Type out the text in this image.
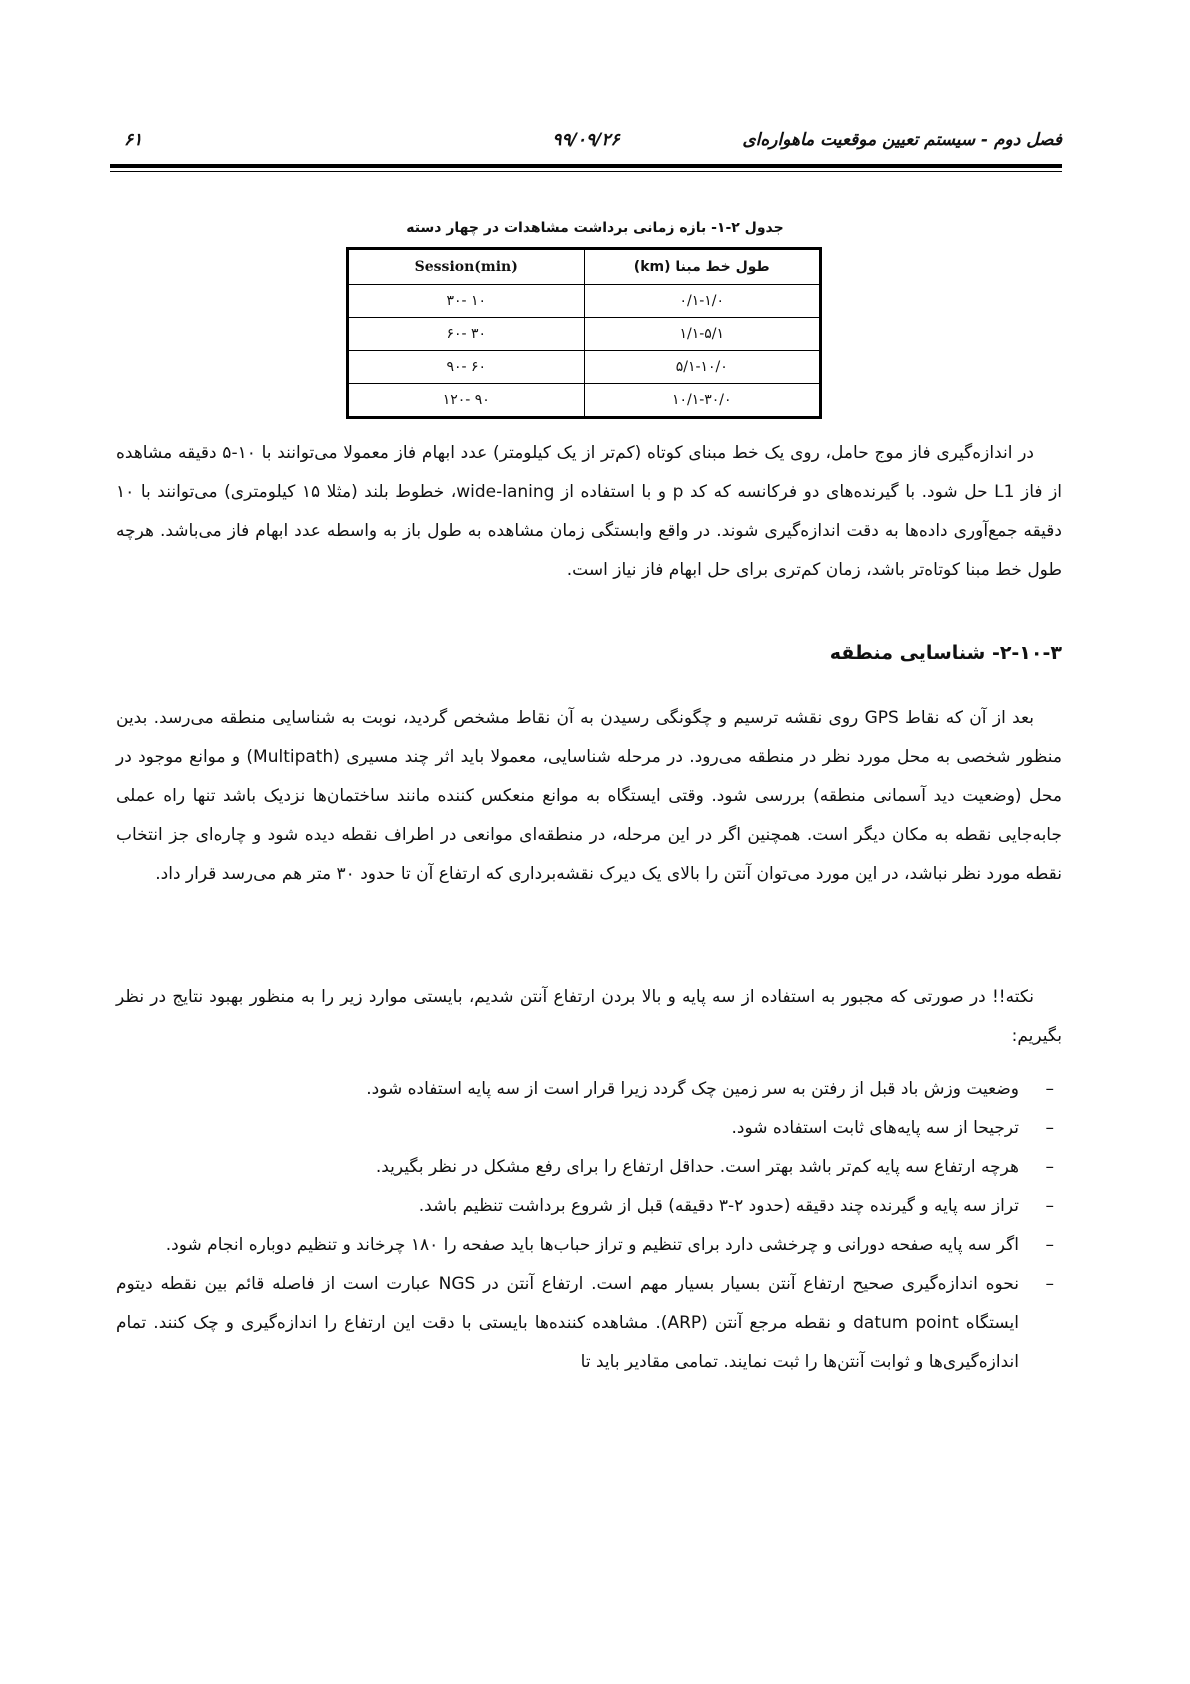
فصل دوم - سیستم تعیین موقعیت ماهواره‌ای
۹۹/۰۹/۲۶
۶۱
جدول ۲-۱- بازه زمانی برداشت مشاهدات در چهار دسته
طول خط مبنا (km)	Session(min)
۰/۱-۱/۰	۱۰ -۳۰
۱/۱-۵/۱	۳۰ -۶۰
۵/۱-۱۰/۰	۶۰ -۹۰
۱۰/۱-۳۰/۰	۹۰ -۱۲۰

در اندازه‌گیری فاز موج حامل، روی یک خط مبنای کوتاه (کم‌تر از یک کیلومتر) عدد ابهام فاز معمولا می‌توانند با ۱۰-۵ دقیقه مشاهده از فاز L1 حل شود. با گیرنده‌های دو فرکانسه که کد p و با استفاده از wide-laning، خطوط بلند (مثلا ۱۵ کیلومتری) می‌توانند با ۱۰ دقیقه جمع‌آوری داده‌ها به دقت اندازه‌گیری شوند. در واقع وابستگی زمان مشاهده به طول باز به واسطه عدد ابهام فاز می‌باشد. هرچه طول خط مبنا کوتاه‌تر باشد، زمان کم‌تری برای حل ابهام فاز نیاز است.

۲-۱۰-۳- شناسایی منطقه

بعد از آن که نقاط GPS روی نقشه ترسیم و چگونگی رسیدن به آن نقاط مشخص گردید، نوبت به شناسایی منطقه می‌رسد. بدین منظور شخصی به محل مورد نظر در منطقه می‌رود. در مرحله شناسایی، معمولا باید اثر چند مسیری (Multipath) و موانع موجود در محل (وضعیت دید آسمانی منطقه) بررسی شود. وقتی ایستگاه به موانع منعکس کننده مانند ساختمان‌ها نزدیک باشد تنها راه عملی جابه‌جایی نقطه به مکان دیگر است. همچنین اگر در این مرحله، در منطقه‌ای موانعی در اطراف نقطه دیده شود و چاره‌ای جز انتخاب نقطه مورد نظر نباشد، در این مورد می‌توان آنتن را بالای یک دیرک نقشه‌برداری که ارتفاع آن تا حدود ۳۰ متر هم می‌رسد قرار داد.

نکته!! در صورتی که مجبور به استفاده از سه پایه و بالا بردن ارتفاع آنتن شدیم، بایستی موارد زیر را به منظور بهبود نتایج در نظر بگیریم:

–
وضعیت وزش باد قبل از رفتن به سر زمین چک گردد زیرا قرار است از سه پایه استفاده شود.
–
ترجیحا از سه پایه‌های ثابت استفاده شود.
–
هرچه ارتفاع سه پایه کم‌تر باشد بهتر است. حداقل ارتفاع را برای رفع مشکل در نظر بگیرید.
–
تراز سه پایه و گیرنده چند دقیقه (حدود ۲-۳ دقیقه) قبل از شروع برداشت تنظیم باشد.
–
اگر سه پایه صفحه دورانی و چرخشی دارد برای تنظیم و تراز حباب‌ها باید صفحه را ۱۸۰ چرخاند و تنظیم دوباره انجام شود.
–
نحوه اندازه‌گیری صحیح ارتفاع آنتن بسیار بسیار مهم است. ارتفاع آنتن در NGS عبارت است از فاصله قائم بین نقطه دیتوم ایستگاه datum point و نقطه مرجع آنتن (ARP). مشاهده کننده‌ها بایستی با دقت این ارتفاع را اندازه‌گیری و چک کنند. تمام اندازه‌گیری‌ها و ثوابت آنتن‌ها را ثبت نمایند. تمامی مقادیر باید تا
